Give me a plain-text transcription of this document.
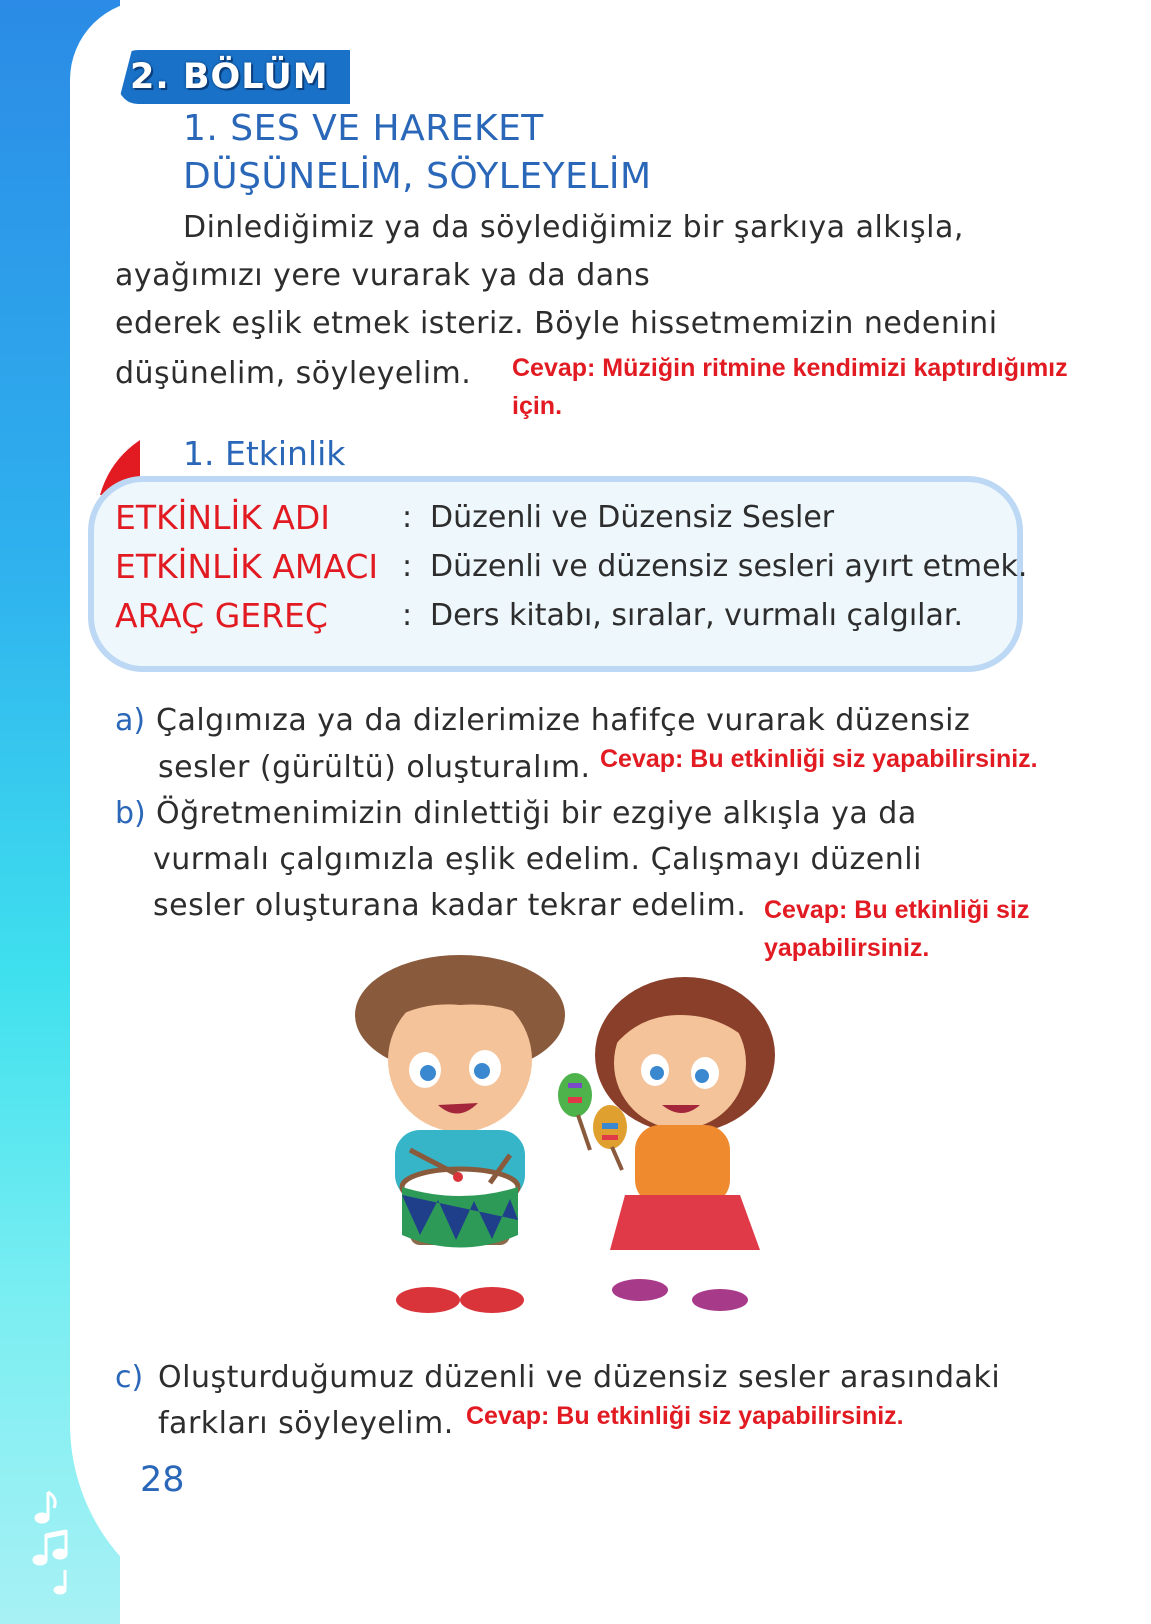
2. BÖLÜM
1. SES VE HAREKET
DÜŞÜNELİM, SÖYLEYELİM
Dinlediğimiz ya da söylediğimiz bir şarkıya alkışla,
ayağımızı yere vurarak ya da dans
ederek eşlik etmek isteriz. Böyle hissetmemizin nedenini
düşünelim, söyleyelim. Cevap: Müziğin ritmine kendimizi kaptırdığımız
için.
1. Etkinlik
ETKİNLİK ADI : Düzenli ve Düzensiz Sesler
ETKİNLİK AMACI : Düzenli ve düzensiz sesleri ayırt etmek.
ARAÇ GEREÇ : Ders kitabı, sıralar, vurmalı çalgılar.
a) Çalgımıza ya da dizlerimize hafifçe vurarak düzensiz
sesler (gürültü) oluşturalım. Cevap: Bu etkinliği siz yapabilirsiniz.
b) Öğretmenimizin dinlettiği bir ezgiye alkışla ya da
vurmalı çalgımızla eşlik edelim. Çalışmayı düzenli
sesler oluşturana kadar tekrar edelim. Cevap: Bu etkinliği siz
yapabilirsiniz.
c) Oluşturduğumuz düzenli ve düzensiz sesler arasındaki
farkları söyleyelim. Cevap: Bu etkinliği siz yapabilirsiniz.
28
